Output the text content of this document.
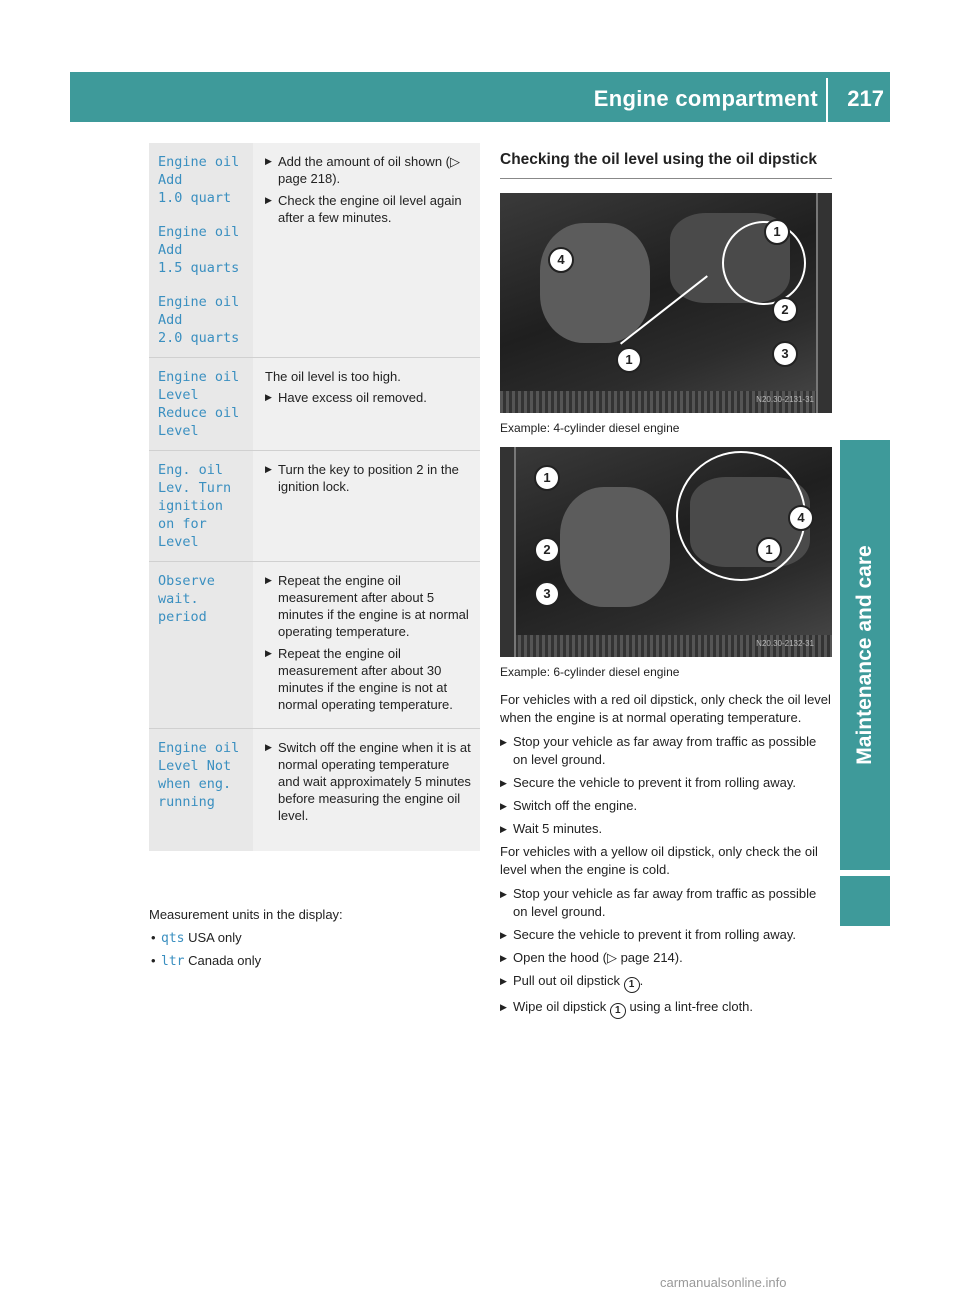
Engine compartment 217
Maintenance and care
Engine oil
Add
1.0 quart
Engine oil
Add
1.5 quarts
Engine oil
Add
2.0 quarts
▶ Add the amount of oil shown (▷ page 218).
▶ Check the engine oil level again after a few minutes.
Engine oil
Level
Reduce oil
Level

The oil level is too high.

▶ Have excess oil removed.
Eng. oil
Lev. Turn
ignition
on for
Level
▶ Turn the key to position 2 in the ignition lock.
Observe
wait.
period
▶ Repeat the engine oil measurement after about 5 minutes if the engine is at normal operating temperature.
▶ Repeat the engine oil measurement after about 30 minutes if the engine is not at normal operating temperature.
Engine oil
Level Not
when eng.
running
▶ Switch off the engine when it is at normal operating temperature and wait approximately 5 minutes before measuring the engine oil level.

Measurement units in the display:

• qts USA only
• ltr Canada only
Checking the oil level using the oil dipstick
4
1
2
3
1
N20.30-2131-31
Example: 4-cylinder diesel engine
1
2
3
4
1
N20.30-2132-31
Example: 6-cylinder diesel engine

For vehicles with a red oil dipstick, only check the oil level when the engine is at normal operating temperature.

▶ Stop your vehicle as far away from traffic as possible on level ground.
▶ Secure the vehicle to prevent it from rolling away.
▶ Switch off the engine.
▶ Wait 5 minutes.

For vehicles with a yellow oil dipstick, only check the oil level when the engine is cold.

▶ Stop your vehicle as far away from traffic as possible on level ground.
▶ Secure the vehicle to prevent it from rolling away.
▶ Open the hood (▷ page 214).
▶ Pull out oil dipstick 1 .
▶ Wipe oil dipstick 1 using a lint-free cloth.
carmanualsonline.info
